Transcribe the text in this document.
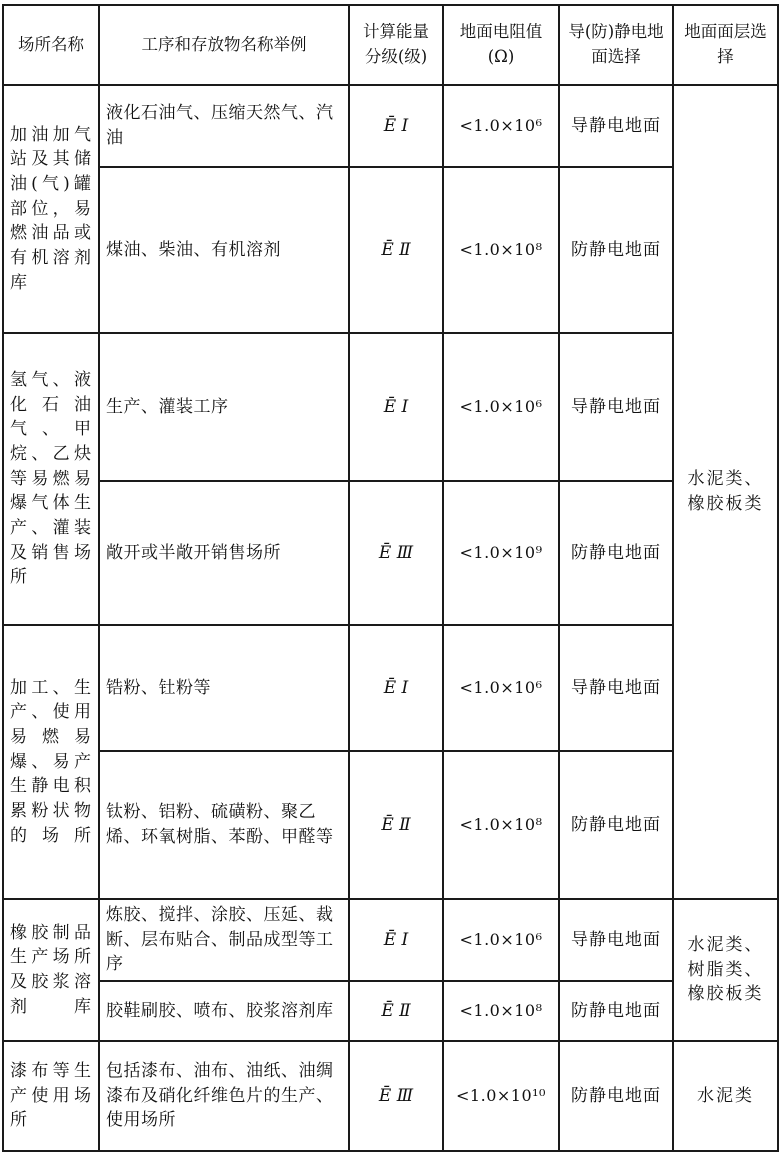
场所名称	工序和存放物名称举例	计算能量分级(级)	地面电阻值(Ω)	导(防)静电地面选择	地面面层选择
加油加气站及其储油(气)罐部位，易燃油品或有机溶剂库	液化石油气、压缩天然气、汽油	Ē Ⅰ	<1.0×10⁶	导静电地面	水泥类、橡胶板类
	煤油、柴油、有机溶剂	Ē Ⅱ	<1.0×10⁸	防静电地面	
氢气、液化石油气、甲烷、乙炔等易燃易爆气体生产、灌装及销售场所	生产、灌装工序	Ē Ⅰ	<1.0×10⁶	导静电地面	
	敞开或半敞开销售场所	Ē Ⅲ	<1.0×10⁹	防静电地面	
加工、生产、使用易燃易爆、易产生静电积累粉状物的场所	锆粉、钍粉等	Ē Ⅰ	<1.0×10⁶	导静电地面	
	钛粉、铝粉、硫磺粉、聚乙烯、环氧树脂、苯酚、甲醛等	Ē Ⅱ	<1.0×10⁸	防静电地面	
橡胶制品生产场所及胶浆溶剂库	炼胶、搅拌、涂胶、压延、裁断、层布贴合、制品成型等工序	Ē Ⅰ	<1.0×10⁶	导静电地面	水泥类、树脂类、橡胶板类
	胶鞋刷胶、喷布、胶浆溶剂库	Ē Ⅱ	<1.0×10⁸	防静电地面	
漆布等生产使用场所	包括漆布、油布、油纸、油绸漆布及硝化纤维色片的生产、使用场所	Ē Ⅲ	<1.0×10¹⁰	防静电地面	水泥类
